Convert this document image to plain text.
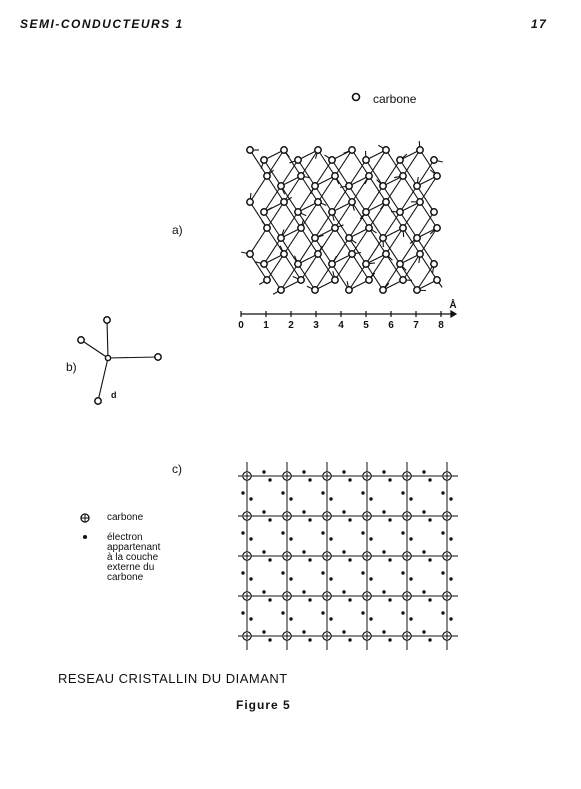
SEMI-CONDUCTEURS 1	17
0 1 2 3 4 5 6 7 8
Å
carbone
a)
b)
d
c)
carbone
électron
appartenant
à la couche
externe du
carbone
RESEAU CRISTALLIN DU DIAMANT
Figure 5
